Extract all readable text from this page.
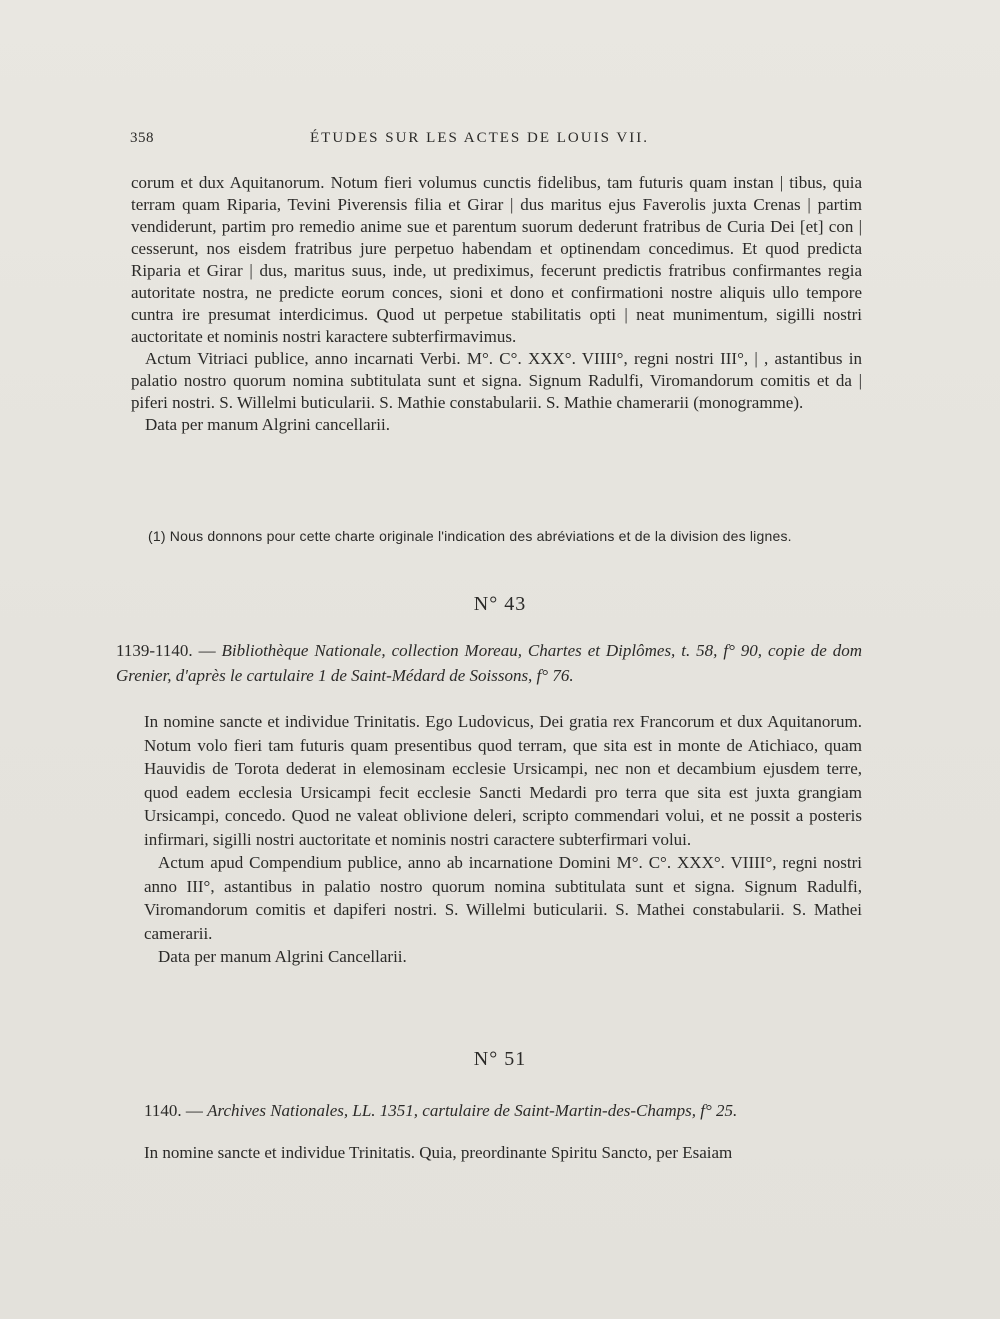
358	ÉTUDES SUR LES ACTES DE LOUIS VII.

corum et dux Aquitanorum. Notum fieri volumus cunctis fidelibus, tam futuris quam instan | tibus, quia terram quam Riparia, Tevini Piverensis filia et Girar | dus maritus ejus Faverolis juxta Crenas | partim vendiderunt, partim pro remedio anime sue et parentum suorum dederunt fratribus de Curia Dei [et] con | cesserunt, nos eisdem fratribus jure perpetuo habendam et optinendam concedimus. Et quod predicta Riparia et Girar | dus, maritus suus, inde, ut prediximus, fecerunt predictis fratribus confirmantes regia autoritate nostra, ne predicte eorum conces, sioni et dono et confirmationi nostre aliquis ullo tempore cuntra ire presumat interdicimus. Quod ut perpetue stabilitatis opti | neat munimentum, sigilli nostri auctoritate et nominis nostri karactere subterfirmavimus.

Actum Vitriaci publice, anno incarnati Verbi. M°. C°. XXX°. VIIII°, regni nostri III°, | , astantibus in palatio nostro quorum nomina subtitulata sunt et signa. Signum Radulfi, Viromandorum comitis et da | piferi nostri. S. Willelmi buticularii. S. Mathie constabularii. S. Mathie chamerarii (monogramme).

Data per manum Algrini cancellarii.

(1) Nous donnons pour cette charte originale l'indication des abréviations et de la division des lignes.
N° 43
1139-1140. — Bibliothèque Nationale, collection Moreau, Chartes et Diplômes, t. 58, f° 90, copie de dom Grenier, d'après le cartulaire 1 de Saint-Médard de Soissons, f° 76.

In nomine sancte et individue Trinitatis. Ego Ludovicus, Dei gratia rex Francorum et dux Aquitanorum. Notum volo fieri tam futuris quam presentibus quod terram, que sita est in monte de Atichiaco, quam Hauvidis de Torota dederat in elemosinam ecclesie Ursicampi, nec non et decambium ejusdem terre, quod eadem ecclesia Ursicampi fecit ecclesie Sancti Medardi pro terra que sita est juxta grangiam Ursicampi, concedo. Quod ne valeat oblivione deleri, scripto commendari volui, et ne possit a posteris infirmari, sigilli nostri auctoritate et nominis nostri caractere subterfirmari volui.

Actum apud Compendium publice, anno ab incarnatione Domini M°. C°. XXX°. VIIII°, regni nostri anno III°, astantibus in palatio nostro quorum nomina subtitulata sunt et signa. Signum Radulfi, Viromandorum comitis et dapiferi nostri. S. Willelmi buticularii. S. Mathei constabularii. S. Mathei camerarii.

Data per manum Algrini Cancellarii.

N° 51
1140. — Archives Nationales, LL. 1351, cartulaire de Saint-Martin-des-Champs, f° 25.

In nomine sancte et individue Trinitatis. Quia, preordinante Spiritu Sancto, per Esaiam
